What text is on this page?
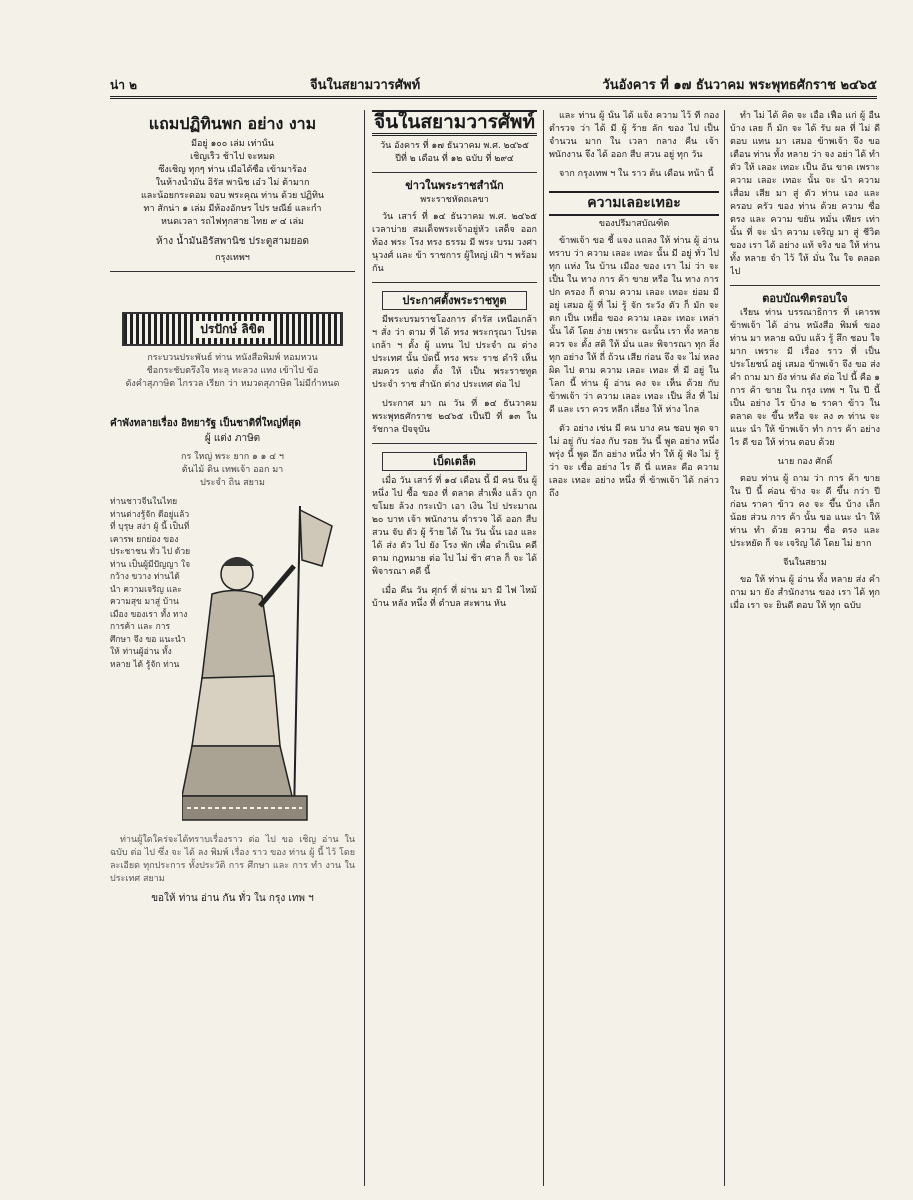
น่า ๒	จีนในสยามวารศัพท์	วันอังคาร ที่ ๑๗ ธันวาคม พระพุทธศักราช ๒๔๖๕
แถมปฏิทินพก อย่าง งาม
มีอยู่ ๑๐๐ เล่ม เท่านั้น
เชิญเร็ว ช้าไป จะหมด
ซึ่งเชิญ ทุกๆ ท่าน เมื่อได้ซื้อ เข้ามาร้อง
ในห้างน้ำมัน อิรัส พานิช เอ๋ว ไม่ ต้ามาก
และน้อยกระดอม จอบ พระคุณ ท่าน ด้วย ปฏิทิน
ทา สักน่า ๑ เล่ม มีห้องอักษร ไปร ษณีย์ และกำ
หนดเวลา รถไฟทุกสาย ไทย ๙ ๔ เล่ม
ห้าง น้ำมันอิรัสพานิช ประตูสามยอด
กรุงเทพฯ
ปรปักษ์ ลิขิต
กระบวนประพันธ์ ท่าน หนังสือพิมพ์ หอมหวน
ชื่อกระชับตรึงใจ ทะลุ ทะลวง แทง เข้าไป ข้อ
ดังคำสุภาษิต ไกรวล เรียก ว่า หมวดสุภาษิต ไม่มีกำหนด
คำพังทลายเรื่อง อิทยารัฐ เป็นชาติที่ใหญ่ที่สุด
ผู้ แต่ง ภาษิต
กร ใหญ่ พระ ยาก ๑ ๑ ๔ ฯ
ต้นไม้ ดิน เทพเจ้า ออก มา
ประจำ ถิ่น สยาม
ท่านชาวจีนในไทยท่านต่างรู้จัก ดีอยู่แล้ว ที่ บุรุษ สง่า ผู้ นี้ เป็นที่ เคารพ ยกย่อง ของประชาชน ทั่ว ไป ด้วยท่าน เป็นผู้มีปัญญา ใจกว้าง ขวาง ท่านได้ นำ ความเจริญ และ ความสุข มาสู่ บ้านเมือง ของเรา ทั้ง ทาง การค้า และ การ ศึกษา จึง ขอ แนะนำ ให้ ท่านผู้อ่าน ทั้งหลาย ได้ รู้จัก ท่าน

ท่านผู้ใดใคร่จะได้ทราบเรื่องราว ต่อ ไป ขอ เชิญ อ่าน ใน ฉบับ ต่อ ไป ซึ่ง จะ ได้ ลง พิมพ์ เรื่อง ราว ของ ท่าน ผู้ นี้ ไว้ โดย ละเอียด ทุกประการ ทั้งประวัติ การ ศึกษา และ การ ทำ งาน ใน ประเทศ สยาม

ขอให้ ท่าน อ่าน กัน ทั่ว ใน กรุง เทพ ฯ
จีนในสยามวารศัพท์
วัน อังคาร ที่ ๑๗ ธันวาคม พ.ศ. ๒๔๖๕
ปีที่ ๒ เดือน ที่ ๑๒ ฉบับ ที่ ๒๙๔
ข่าวในพระราชสำนัก
พระราชหัตถเลขา

วัน เสาร์ ที่ ๑๔ ธันวาคม พ.ศ. ๒๔๖๕ เวลาบ่าย สมเด็จพระเจ้าอยู่หัว เสด็จ ออก ท้อง พระ โรง ทรง ธรรม มี พระ บรม วงศานุวงศ์ และ ข้า ราชการ ผู้ใหญ่ เฝ้า ฯ พร้อม กัน

ประกาศตั้งพระราชทูต

มีพระบรมราชโองการ ดำรัส เหนือเกล้า ฯ สั่ง ว่า ตาม ที่ ได้ ทรง พระกรุณา โปรดเกล้า ฯ ตั้ง ผู้ แทน ไป ประจำ ณ ต่าง ประเทศ นั้น บัดนี้ ทรง พระ ราช ดำริ เห็น สมควร แต่ง ตั้ง ให้ เป็น พระราชทูต ประจำ ราช สำนัก ต่าง ประเทศ ต่อ ไป

ประกาศ มา ณ วัน ที่ ๑๔ ธันวาคม พระพุทธศักราช ๒๔๖๕ เป็นปี ที่ ๑๓ ใน รัชกาล ปัจจุบัน

เบ็ดเตล็ด

เมื่อ วัน เสาร์ ที่ ๑๔ เดือน นี้ มี คน จีน ผู้ หนึ่ง ไป ซื้อ ของ ที่ ตลาด สำเพ็ง แล้ว ถูก ขโมย ล้วง กระเป๋า เอา เงิน ไป ประมาณ ๒๐ บาท เจ้า พนักงาน ตำรวจ ได้ ออก สืบ สวน จับ ตัว ผู้ ร้าย ได้ ใน วัน นั้น เอง และ ได้ ส่ง ตัว ไป ยัง โรง พัก เพื่อ ดำเนิน คดี ตาม กฎหมาย ต่อ ไป ไม่ ช้า ศาล ก็ จะ ได้ พิจารณา คดี นี้

เมื่อ คืน วัน ศุกร์ ที่ ผ่าน มา มี ไฟ ไหม้ บ้าน หลัง หนึ่ง ที่ ตำบล สะพาน หัน

และ ท่าน ผู้ นั้น ได้ แจ้ง ความ ไว้ ที่ กอง ตำรวจ ว่า ได้ มี ผู้ ร้าย ลัก ของ ไป เป็น จำนวน มาก ใน เวลา กลาง คืน เจ้า พนักงาน จึง ได้ ออก สืบ สวน อยู่ ทุก วัน

จาก กรุงเทพ ฯ ใน ราว ต้น เดือน หน้า นี้

ความเลอะเทอะ
ของปรีมาสบัณฑิต

ข้าพเจ้า ขอ ชี้ แจง แถลง ให้ ท่าน ผู้ อ่าน ทราบ ว่า ความ เลอะ เทอะ นั้น มี อยู่ ทั่ว ไป ทุก แห่ง ใน บ้าน เมือง ของ เรา ไม่ ว่า จะ เป็น ใน ทาง การ ค้า ขาย หรือ ใน ทาง การ ปก ครอง ก็ ตาม ความ เลอะ เทอะ ย่อม มี อยู่ เสมอ ผู้ ที่ ไม่ รู้ จัก ระวัง ตัว ก็ มัก จะ ตก เป็น เหยื่อ ของ ความ เลอะ เทอะ เหล่า นั้น ได้ โดย ง่าย เพราะ ฉะนั้น เรา ทั้ง หลาย ควร จะ ตั้ง สติ ให้ มั่น และ พิจารณา ทุก สิ่ง ทุก อย่าง ให้ ถี่ ถ้วน เสีย ก่อน จึง จะ ไม่ หลง ผิด ไป ตาม ความ เลอะ เทอะ ที่ มี อยู่ ใน โลก นี้ ท่าน ผู้ อ่าน คง จะ เห็น ด้วย กับ ข้าพเจ้า ว่า ความ เลอะ เทอะ เป็น สิ่ง ที่ ไม่ ดี และ เรา ควร หลีก เลี่ยง ให้ ห่าง ไกล

ตัว อย่าง เช่น มี คน บาง คน ชอบ พูด จา ไม่ อยู่ กับ ร่อง กับ รอย วัน นี้ พูด อย่าง หนึ่ง พรุ่ง นี้ พูด อีก อย่าง หนึ่ง ทำ ให้ ผู้ ฟัง ไม่ รู้ ว่า จะ เชื่อ อย่าง ไร ดี นี่ แหละ คือ ความ เลอะ เทอะ อย่าง หนึ่ง ที่ ข้าพเจ้า ได้ กล่าว ถึง

ทำ ไม่ ได้ คิด จะ เอื้อ เฟื้อ แก่ ผู้ อื่น บ้าง เลย ก็ มัก จะ ได้ รับ ผล ที่ ไม่ ดี ตอบ แทน มา เสมอ ข้าพเจ้า จึง ขอ เตือน ท่าน ทั้ง หลาย ว่า จง อย่า ได้ ทำ ตัว ให้ เลอะ เทอะ เป็น อัน ขาด เพราะ ความ เลอะ เทอะ นั้น จะ นำ ความ เสื่อม เสีย มา สู่ ตัว ท่าน เอง และ ครอบ ครัว ของ ท่าน ด้วย ความ ซื่อ ตรง และ ความ ขยัน หมั่น เพียร เท่า นั้น ที่ จะ นำ ความ เจริญ มา สู่ ชีวิต ของ เรา ได้ อย่าง แท้ จริง ขอ ให้ ท่าน ทั้ง หลาย จำ ไว้ ให้ มั่น ใน ใจ ตลอด ไป

ตอบบัณฑิตรอบใจ

เรียน ท่าน บรรณาธิการ ที่ เคารพ ข้าพเจ้า ได้ อ่าน หนังสือ พิมพ์ ของ ท่าน มา หลาย ฉบับ แล้ว รู้ สึก ชอบ ใจ มาก เพราะ มี เรื่อง ราว ที่ เป็น ประโยชน์ อยู่ เสมอ ข้าพเจ้า จึง ขอ ส่ง คำ ถาม มา ยัง ท่าน ดัง ต่อ ไป นี้ คือ ๑ การ ค้า ขาย ใน กรุง เทพ ฯ ใน ปี นี้ เป็น อย่าง ไร บ้าง ๒ ราคา ข้าว ใน ตลาด จะ ขึ้น หรือ จะ ลง ๓ ท่าน จะ แนะ นำ ให้ ข้าพเจ้า ทำ การ ค้า อย่าง ไร ดี ขอ ให้ ท่าน ตอบ ด้วย

นาย กอง ศักดิ์

ตอบ ท่าน ผู้ ถาม ว่า การ ค้า ขาย ใน ปี นี้ ค่อน ข้าง จะ ดี ขึ้น กว่า ปี ก่อน ราคา ข้าว คง จะ ขึ้น บ้าง เล็ก น้อย ส่วน การ ค้า นั้น ขอ แนะ นำ ให้ ท่าน ทำ ด้วย ความ ซื่อ ตรง และ ประหยัด ก็ จะ เจริญ ได้ โดย ไม่ ยาก

จีนในสยาม

ขอ ให้ ท่าน ผู้ อ่าน ทั้ง หลาย ส่ง คำ ถาม มา ยัง สำนักงาน ของ เรา ได้ ทุก เมื่อ เรา จะ ยินดี ตอบ ให้ ทุก ฉบับ
